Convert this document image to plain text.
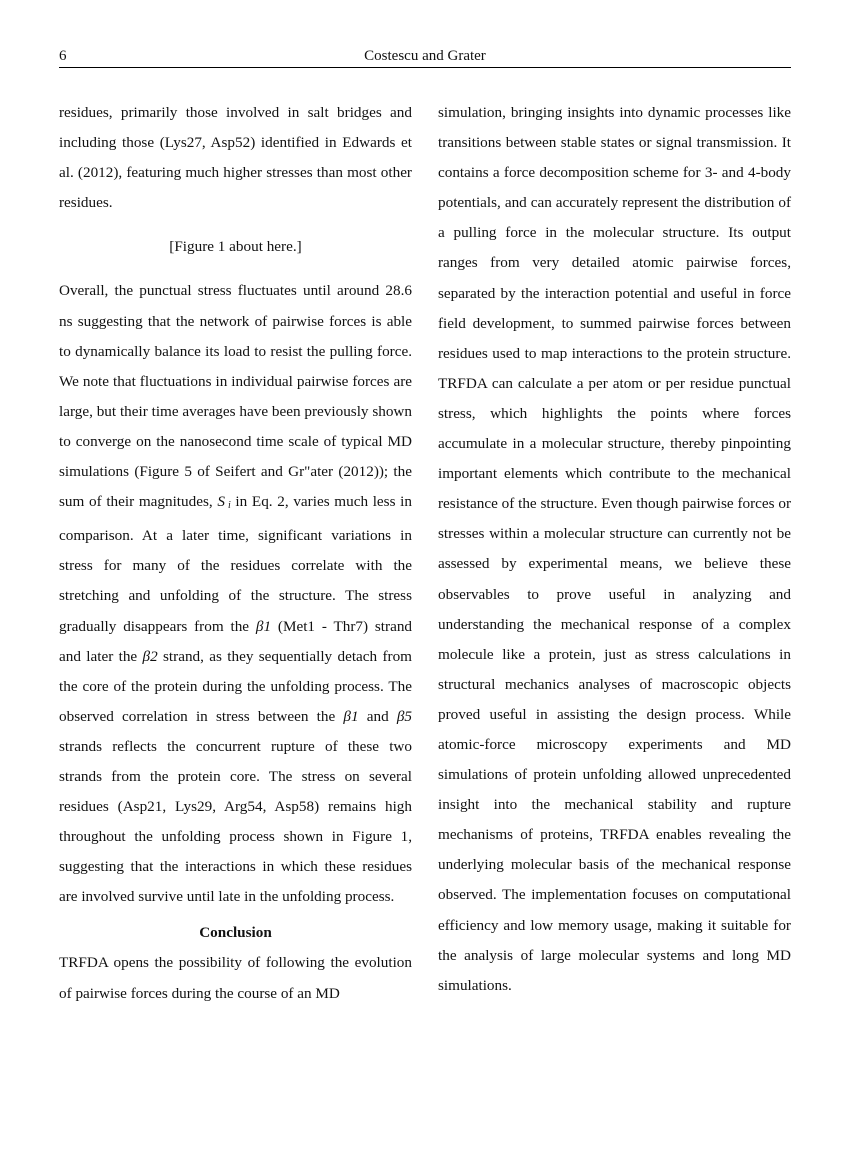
6	Costescu and Grater

residues, primarily those involved in salt bridges and including those (Lys27, Asp52) identified in Edwards et al. (2012), featuring much higher stresses than most other residues.

[Figure 1 about here.]

Overall, the punctual stress fluctuates until around 28.6 ns suggesting that the network of pairwise forces is able to dynamically balance its load to resist the pulling force. We note that fluctuations in individual pairwise forces are large, but their time averages have been previously shown to converge on the nanosecond time scale of typical MD simulations (Figure 5 of Seifert and Gr"ater (2012)); the sum of their magnitudes, S $_i$ in Eq. 2, varies much less in comparison. At a later time, significant variations in stress for many of the residues correlate with the stretching and unfolding of the structure. The stress gradually disappears from the β1 (Met1 - Thr7) strand and later the β2 strand, as they sequentially detach from the core of the protein during the unfolding process. The observed correlation in stress between the β1 and β5 strands reflects the concurrent rupture of these two strands from the protein core. The stress on several residues (Asp21, Lys29, Arg54, Asp58) remains high throughout the unfolding process shown in Figure 1, suggesting that the interactions in which these residues are involved survive until late in the unfolding process.

Conclusion

TRFDA opens the possibility of following the evolution of pairwise forces during the course of an MD

simulation, bringing insights into dynamic processes like transitions between stable states or signal transmission. It contains a force decomposition scheme for 3- and 4-body potentials, and can accurately represent the distribution of a pulling force in the molecular structure. Its output ranges from very detailed atomic pairwise forces, separated by the interaction potential and useful in force field development, to summed pairwise forces between residues used to map interactions to the protein structure. TRFDA can calculate a per atom or per residue punctual stress, which highlights the points where forces accumulate in a molecular structure, thereby pinpointing important elements which contribute to the mechanical resistance of the structure. Even though pairwise forces or stresses within a molecular structure can currently not be assessed by experimental means, we believe these observables to prove useful in analyzing and understanding the mechanical response of a complex molecule like a protein, just as stress calculations in structural mechanics analyses of macroscopic objects proved useful in assisting the design process. While atomic-force microscopy experiments and MD simulations of protein unfolding allowed unprecedented insight into the mechanical stability and rupture mechanisms of proteins, TRFDA enables revealing the underlying molecular basis of the mechanical response observed. The implementation focuses on computational efficiency and low memory usage, making it suitable for the analysis of large molecular systems and long MD simulations.
